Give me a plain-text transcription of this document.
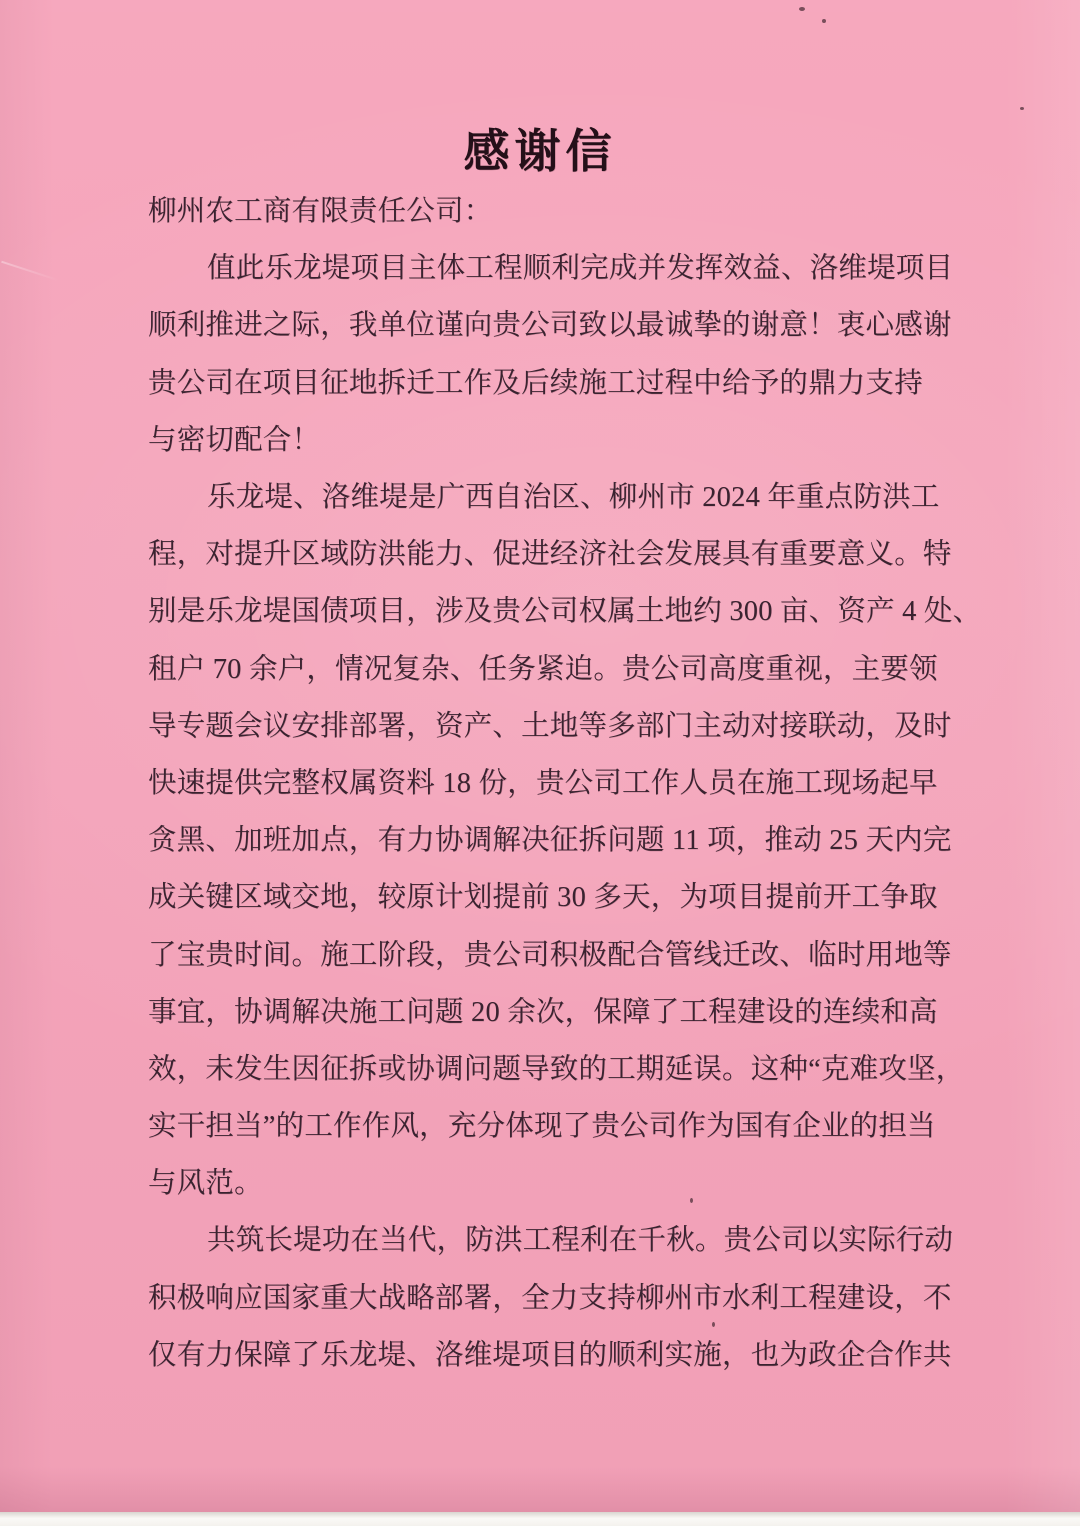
感谢信
柳州农工商有限责任公司：
值此乐龙堤项目主体工程顺利完成并发挥效益、洛维堤项目
顺利推进之际，我单位谨向贵公司致以最诚挚的谢意！衷心感谢
贵公司在项目征地拆迁工作及后续施工过程中给予的鼎力支持
与密切配合！
乐龙堤、洛维堤是广西自治区、柳州市 2024 年重点防洪工
程，对提升区域防洪能力、促进经济社会发展具有重要意义。特
别是乐龙堤国债项目，涉及贵公司权属土地约 300 亩、资产 4 处、
租户 70 余户，情况复杂、任务紧迫。贵公司高度重视，主要领
导专题会议安排部署，资产、土地等多部门主动对接联动，及时
快速提供完整权属资料 18 份，贵公司工作人员在施工现场起早
贪黑、加班加点，有力协调解决征拆问题 11 项，推动 25 天内完
成关键区域交地，较原计划提前 30 多天，为项目提前开工争取
了宝贵时间。施工阶段，贵公司积极配合管线迁改、临时用地等
事宜，协调解决施工问题 20 余次，保障了工程建设的连续和高
效，未发生因征拆或协调问题导致的工期延误。这种“克难攻坚，
实干担当”的工作作风，充分体现了贵公司作为国有企业的担当
与风范。
共筑长堤功在当代，防洪工程利在千秋。贵公司以实际行动
积极响应国家重大战略部署，全力支持柳州市水利工程建设，不
仅有力保障了乐龙堤、洛维堤项目的顺利实施，也为政企合作共
